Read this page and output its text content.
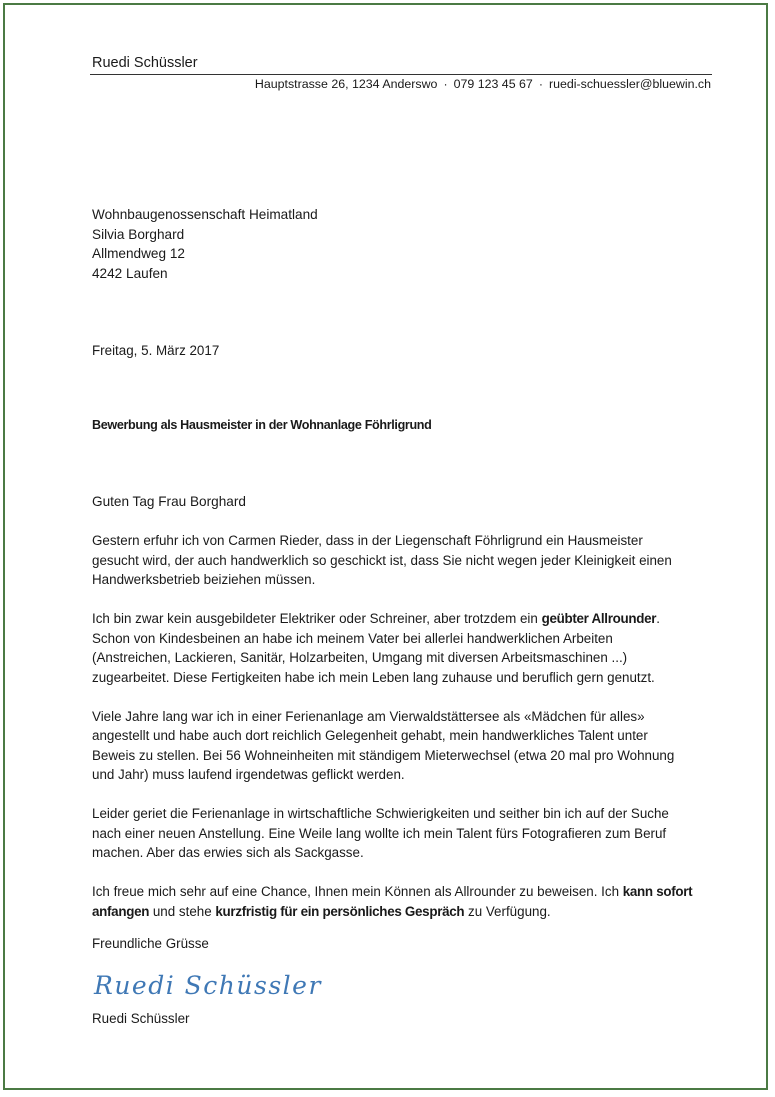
Ruedi Schüssler
Hauptstrasse 26, 1234 Anderswo · 079 123 45 67 · ruedi-schuessler@bluewin.ch
Wohnbaugenossenschaft Heimatland
Silvia Borghard
Allmendweg 12
4242 Laufen
Freitag, 5. März 2017
Bewerbung als Hausmeister in der Wohnanlage Föhrligrund
Guten Tag Frau Borghard

Gestern erfuhr ich von Carmen Rieder, dass in der Liegenschaft Föhrligrund ein Hausmeister
gesucht wird, der auch handwerklich so geschickt ist, dass Sie nicht wegen jeder Kleinigkeit einen
Handwerksbetrieb beiziehen müssen.

Ich bin zwar kein ausgebildeter Elektriker oder Schreiner, aber trotzdem ein geübter Allrounder.
Schon von Kindesbeinen an habe ich meinem Vater bei allerlei handwerklichen Arbeiten
(Anstreichen, Lackieren, Sanitär, Holzarbeiten, Umgang mit diversen Arbeitsmaschinen ...)
zugearbeitet. Diese Fertigkeiten habe ich mein Leben lang zuhause und beruflich gern genutzt.

Viele Jahre lang war ich in einer Ferienanlage am Vierwaldstättersee als «Mädchen für alles»
angestellt und habe auch dort reichlich Gelegenheit gehabt, mein handwerkliches Talent unter
Beweis zu stellen. Bei 56 Wohneinheiten mit ständigem Mieterwechsel (etwa 20 mal pro Wohnung
und Jahr) muss laufend irgendetwas geflickt werden.

Leider geriet die Ferienanlage in wirtschaftliche Schwierigkeiten und seither bin ich auf der Suche
nach einer neuen Anstellung. Eine Weile lang wollte ich mein Talent fürs Fotografieren zum Beruf
machen. Aber das erwies sich als Sackgasse.

Ich freue mich sehr auf eine Chance, Ihnen mein Können als Allrounder zu beweisen. Ich kann sofort
anfangen und stehe kurzfristig für ein persönliches Gespräch zu Verfügung.

Freundliche Grüsse
Ruedi Schüssler
Ruedi Schüssler
